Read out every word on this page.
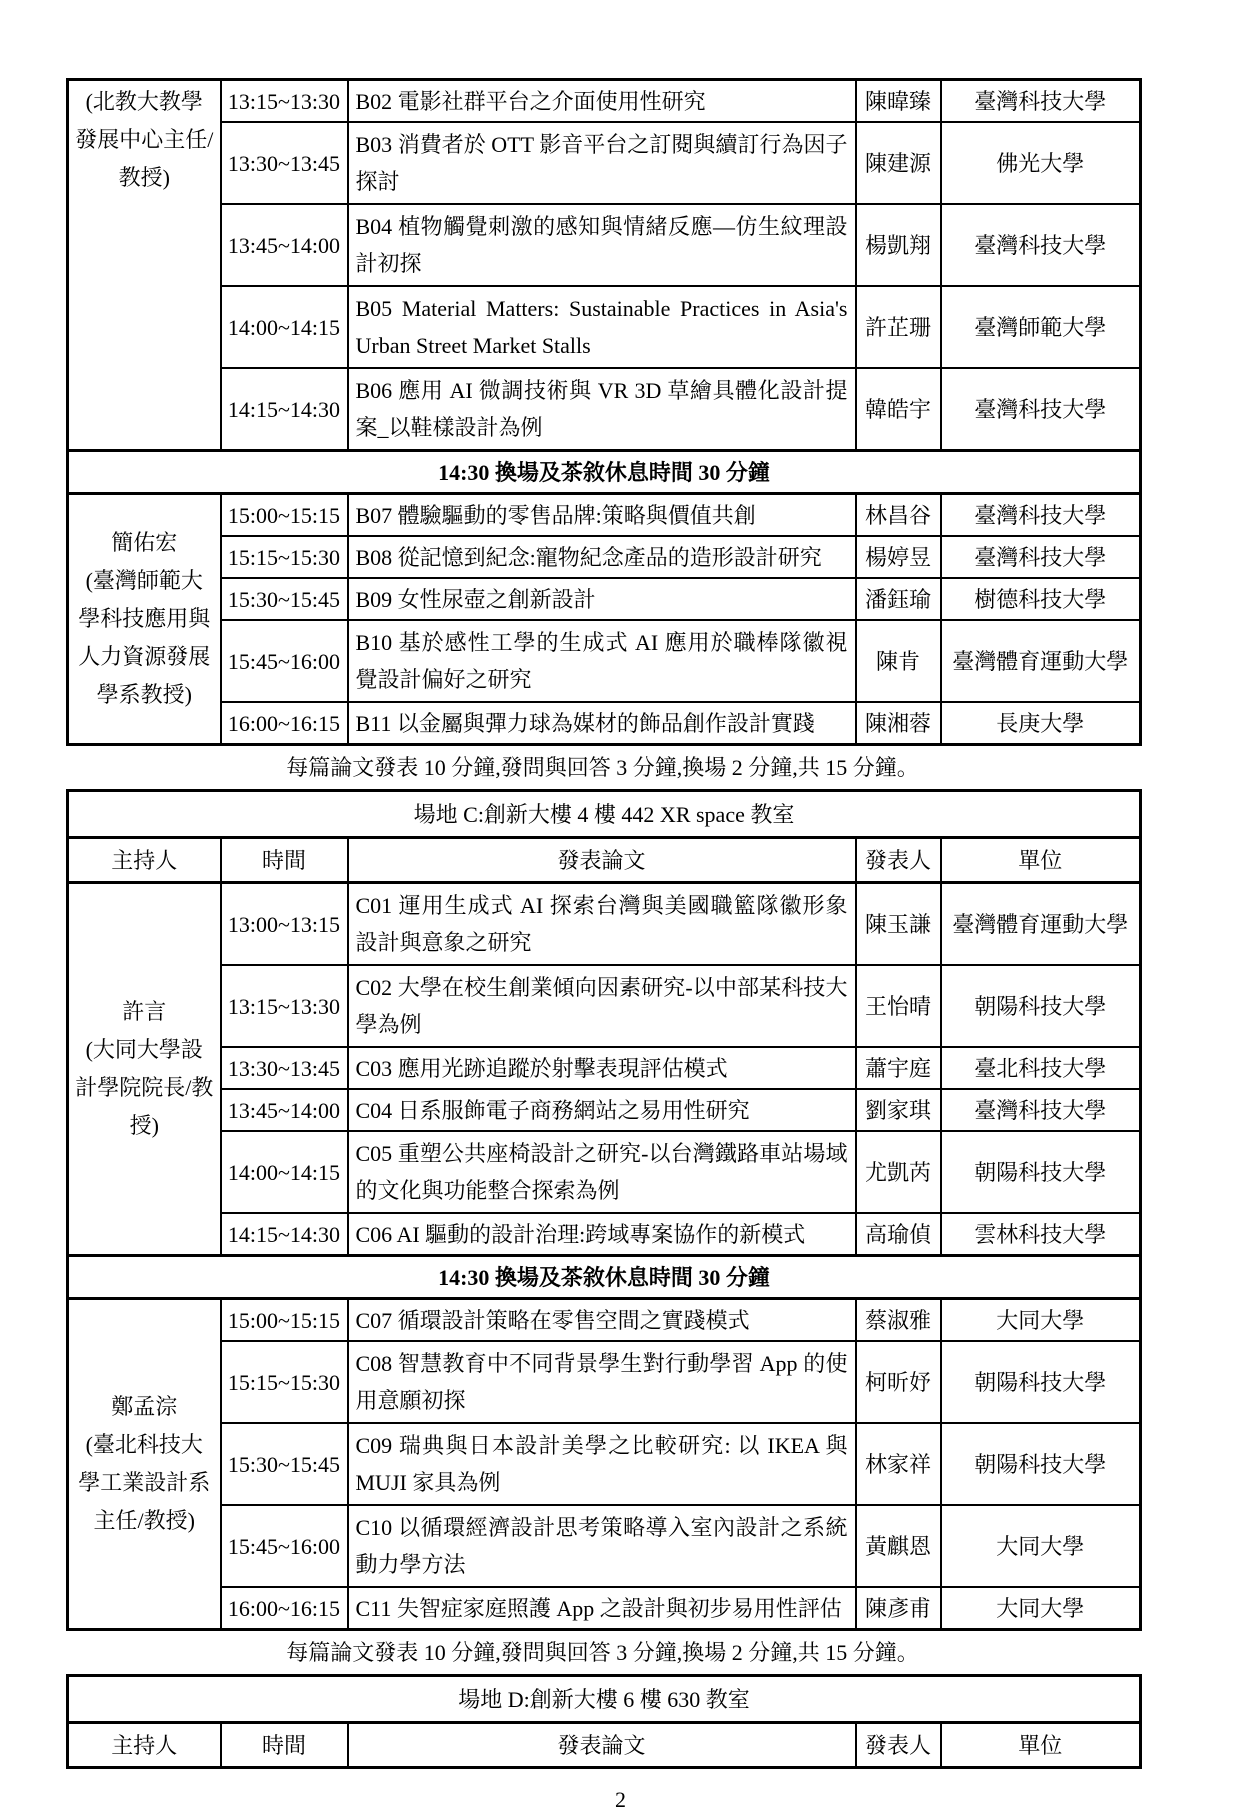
(北教大教學發展中心主任/教授)	13:15~13:30	B02 電影社群平台之介面使用性研究	陳暐臻	臺灣科技大學
	13:30~13:45	B03 消費者於 OTT 影音平台之訂閱與續訂行為因子探討	陳建源	佛光大學
	13:45~14:00	B04 植物觸覺刺激的感知與情緒反應—仿生紋理設計初探	楊凱翔	臺灣科技大學
	14:00~14:15	B05 Material Matters: Sustainable Practices in Asia's Urban Street Market Stalls	許芷珊	臺灣師範大學
	14:15~14:30	B06 應用 AI 微調技術與 VR 3D 草繪具體化設計提案_以鞋樣設計為例	韓皓宇	臺灣科技大學
14:30 換場及茶敘休息時間 30 分鐘				

簡佑宏
(臺灣師範大學科技應用與人力資源發展學系教授)	15:00~15:15	B07 體驗驅動的零售品牌:策略與價值共創	林昌谷	臺灣科技大學
	15:15~15:30	B08 從記憶到紀念:寵物紀念產品的造形設計研究	楊婷昱	臺灣科技大學
	15:30~15:45	B09 女性尿壺之創新設計	潘鈺瑜	樹德科技大學
	15:45~16:00	B10 基於感性工學的生成式 AI 應用於職棒隊徽視覺設計偏好之研究	陳肯	臺灣體育運動大學
	16:00~16:15	B11 以金屬與彈力球為媒材的飾品創作設計實踐	陳湘蓉	長庚大學
每篇論文發表 10 分鐘,發問與回答 3 分鐘,換場 2 分鐘,共 15 分鐘。
場地 C:創新大樓 4 樓 442 XR space 教室				
主持人	時間	發表論文	發表人	單位

許言
(大同大學設計學院院長/教授)	13:00~13:15	C01 運用生成式 AI 探索台灣與美國職籃隊徽形象設計與意象之研究	陳玉謙	臺灣體育運動大學
	13:15~13:30	C02 大學在校生創業傾向因素研究-以中部某科技大學為例	王怡晴	朝陽科技大學
	13:30~13:45	C03 應用光跡追蹤於射擊表現評估模式	蕭宇庭	臺北科技大學
	13:45~14:00	C04 日系服飾電子商務網站之易用性研究	劉家琪	臺灣科技大學
	14:00~14:15	C05 重塑公共座椅設計之研究-以台灣鐵路車站場域的文化與功能整合探索為例	尤凱芮	朝陽科技大學
	14:15~14:30	C06 AI 驅動的設計治理:跨域專案協作的新模式	高瑜偵	雲林科技大學
14:30 換場及茶敘休息時間 30 分鐘				

鄭孟淙
(臺北科技大學工業設計系主任/教授)	15:00~15:15	C07 循環設計策略在零售空間之實踐模式	蔡淑雅	大同大學
	15:15~15:30	C08 智慧教育中不同背景學生對行動學習 App 的使用意願初探	柯昕妤	朝陽科技大學
	15:30~15:45	C09 瑞典與日本設計美學之比較研究: 以 IKEA 與 MUJI 家具為例	林家祥	朝陽科技大學
	15:45~16:00	C10 以循環經濟設計思考策略導入室內設計之系統動力學方法	黃麒恩	大同大學
	16:00~16:15	C11 失智症家庭照護 App 之設計與初步易用性評估	陳彥甫	大同大學
每篇論文發表 10 分鐘,發問與回答 3 分鐘,換場 2 分鐘,共 15 分鐘。
場地 D:創新大樓 6 樓 630 教室
主持人	時間	發表論文	發表人	單位
2
